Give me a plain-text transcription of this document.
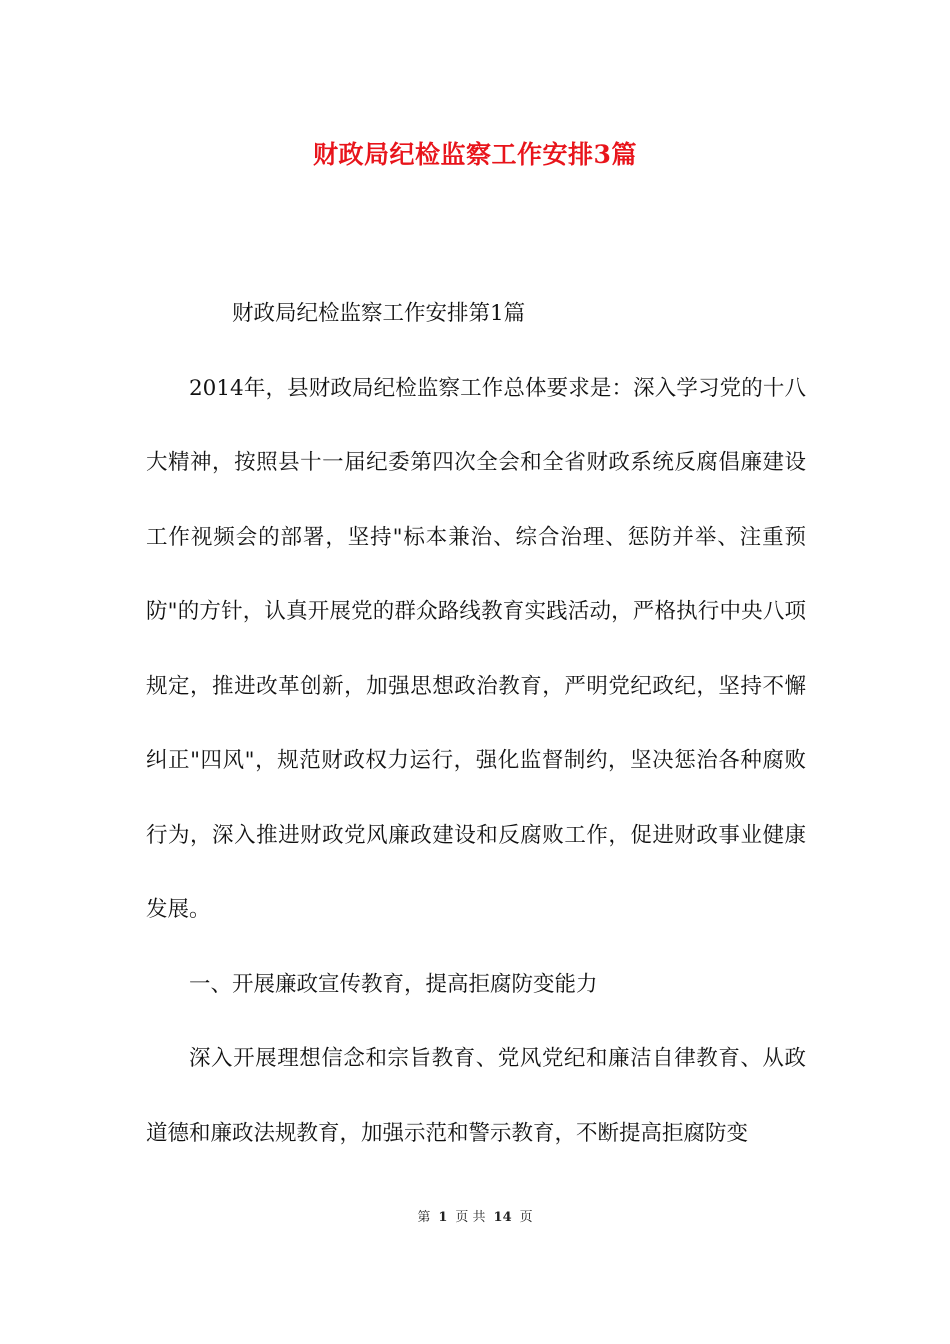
财政局纪检监察工作安排3篇

财政局纪检监察工作安排第1篇

2014年，县财政局纪检监察工作总体要求是：深入学习党的十八大精神，按照县十一届纪委第四次全会和全省财政系统反腐倡廉建设工作视频会的部署，坚持"标本兼治、综合治理、惩防并举、注重预防"的方针，认真开展党的群众路线教育实践活动，严格执行中央八项规定，推进改革创新，加强思想政治教育，严明党纪政纪，坚持不懈纠正"四风"，规范财政权力运行，强化监督制约，坚决惩治各种腐败行为，深入推进财政党风廉政建设和反腐败工作，促进财政事业健康发展。

一、开展廉政宣传教育，提高拒腐防变能力

深入开展理想信念和宗旨教育、党风党纪和廉洁自律教育、从政道德和廉政法规教育，加强示范和警示教育，不断提高拒腐防变

第 1 页 共 14 页
